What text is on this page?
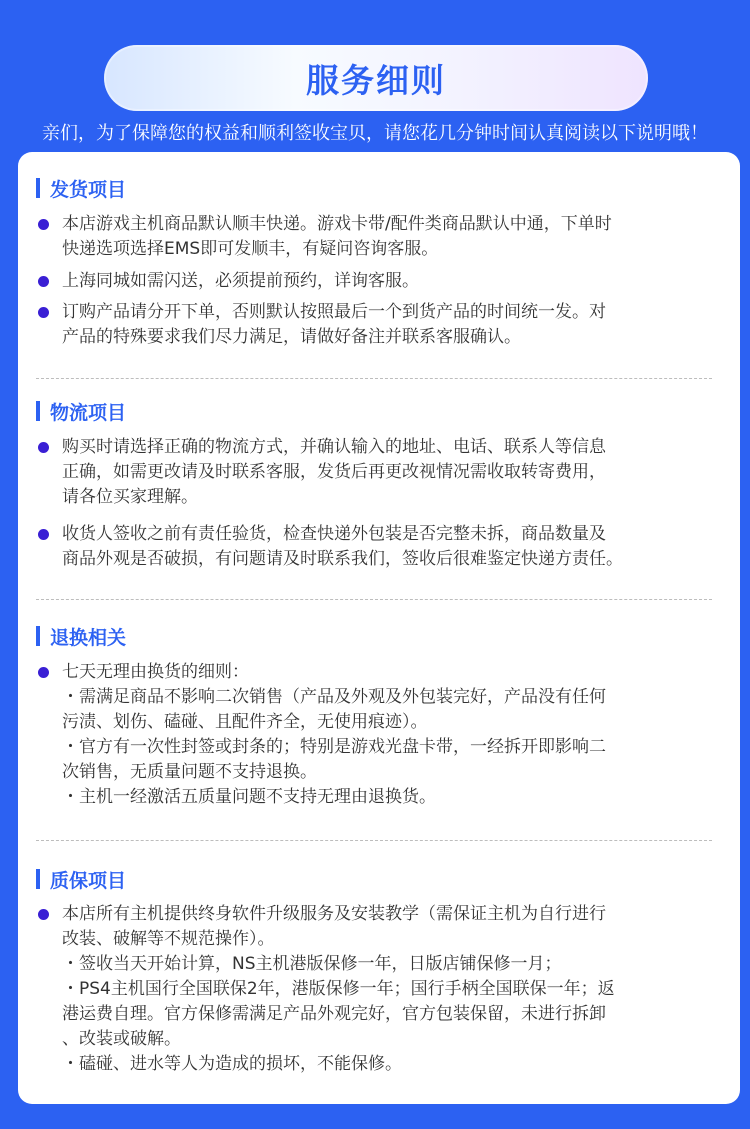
服务细则
亲们，为了保障您的权益和顺利签收宝贝，请您花几分钟时间认真阅读以下说明哦！
发货项目
本店游戏主机商品默认顺丰快递。游戏卡带/配件类商品默认中通，下单时
快递选项选择EMS即可发顺丰，有疑问咨询客服。
上海同城如需闪送，必须提前预约，详询客服。
订购产品请分开下单，否则默认按照最后一个到货产品的时间统一发。对
产品的特殊要求我们尽力满足，请做好备注并联系客服确认。
物流项目
购买时请选择正确的物流方式，并确认输入的地址、电话、联系人等信息
正确，如需更改请及时联系客服，发货后再更改视情况需收取转寄费用，
请各位买家理解。
收货人签收之前有责任验货，检查快递外包装是否完整未拆，商品数量及
商品外观是否破损，有问题请及时联系我们，签收后很难鉴定快递方责任。
退换相关
七天无理由换货的细则：
・需满足商品不影响二次销售（产品及外观及外包装完好，产品没有任何
污渍、划伤、磕碰、且配件齐全，无使用痕迹）。
・官方有一次性封签或封条的；特别是游戏光盘卡带，一经拆开即影响二
次销售，无质量问题不支持退换。
・主机一经激活五质量问题不支持无理由退换货。
质保项目
本店所有主机提供终身软件升级服务及安装教学（需保证主机为自行进行
改装、破解等不规范操作）。
・签收当天开始计算，NS主机港版保修一年，日版店铺保修一月；
・PS4主机国行全国联保2年，港版保修一年；国行手柄全国联保一年；返
港运费自理。官方保修需满足产品外观完好，官方包装保留，未进行拆卸
、改装或破解。
・磕碰、进水等人为造成的损坏，不能保修。
